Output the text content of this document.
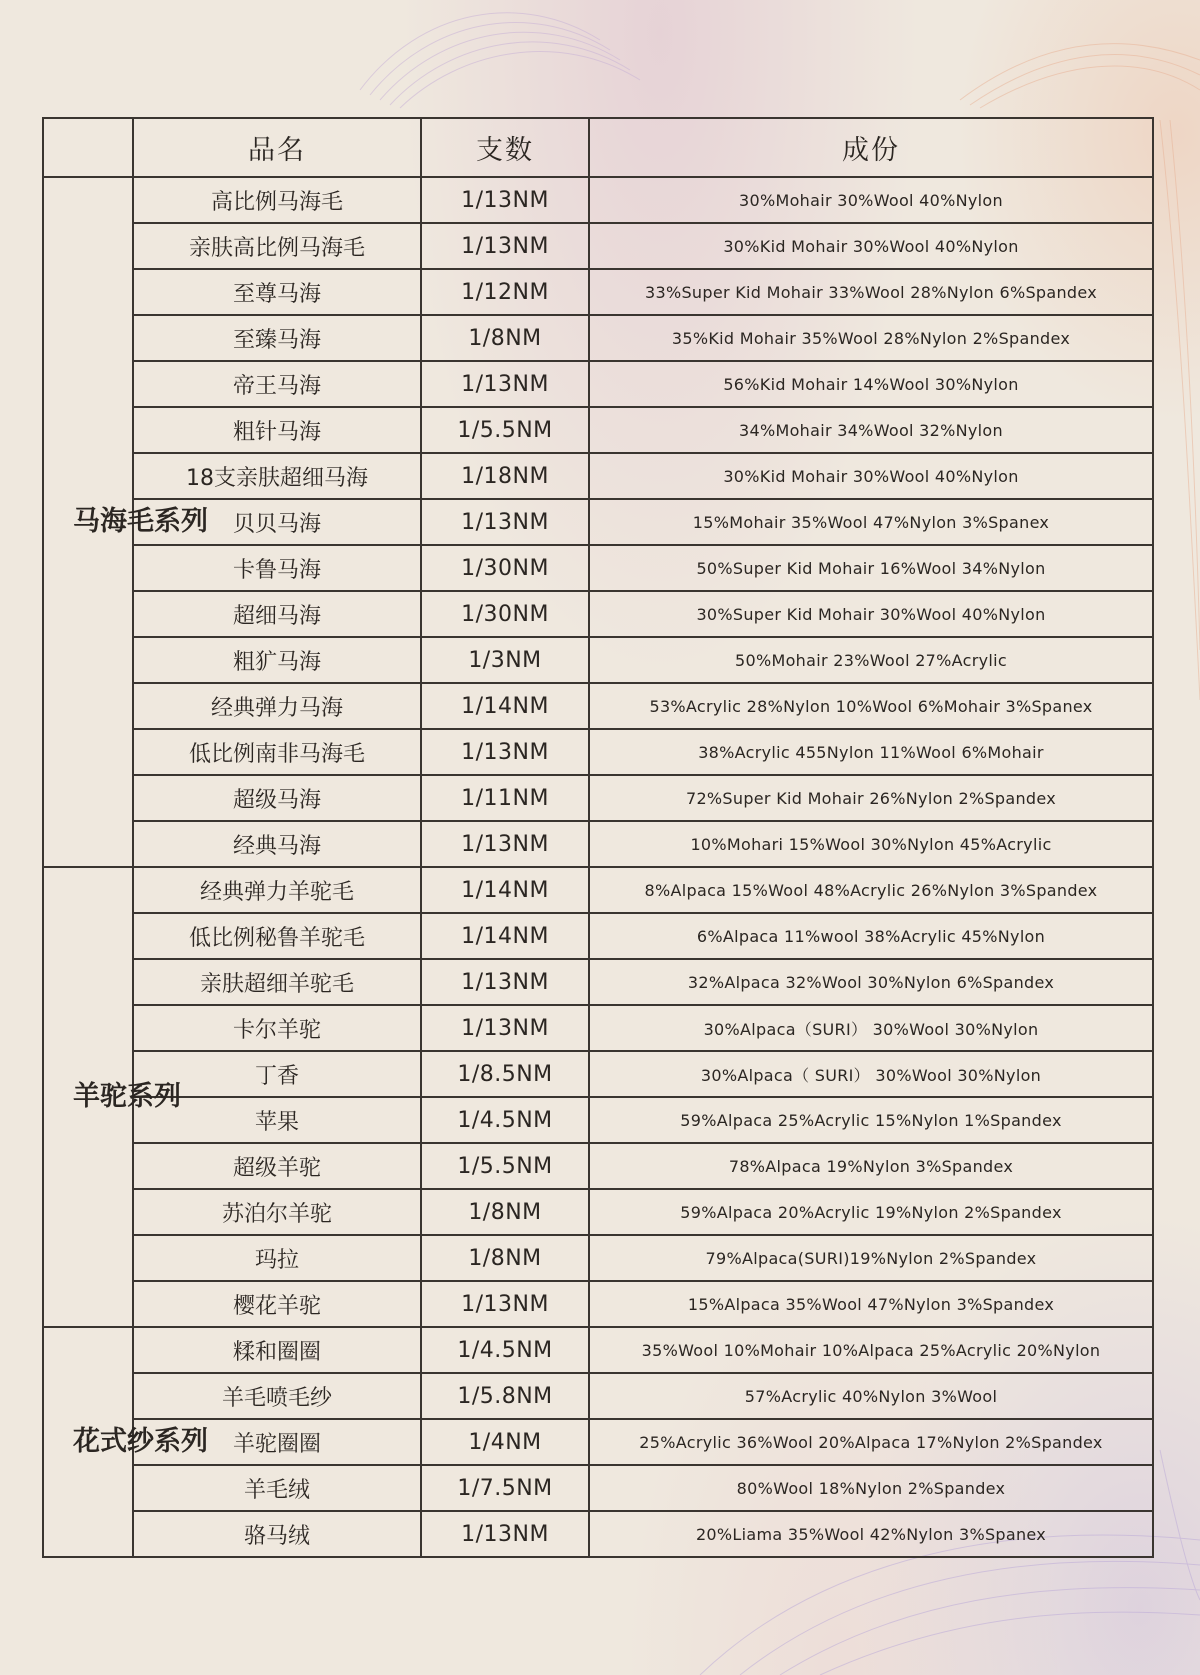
	品名	支数	成份
马海毛系列	高比例马海毛	1/13NM	30%Mohair 30%Wool 40%Nylon
	亲肤高比例马海毛	1/13NM	30%Kid Mohair 30%Wool 40%Nylon
	至尊马海	1/12NM	33%Super Kid Mohair 33%Wool 28%Nylon 6%Spandex
	至臻马海	1/8NM	35%Kid Mohair 35%Wool 28%Nylon 2%Spandex
	帝王马海	1/13NM	56%Kid Mohair 14%Wool 30%Nylon
	粗针马海	1/5.5NM	34%Mohair 34%Wool 32%Nylon
	18支亲肤超细马海	1/18NM	30%Kid Mohair 30%Wool 40%Nylon
	贝贝马海	1/13NM	15%Mohair 35%Wool 47%Nylon 3%Spanex
	卡鲁马海	1/30NM	50%Super Kid Mohair 16%Wool 34%Nylon
	超细马海	1/30NM	30%Super Kid Mohair 30%Wool 40%Nylon
	粗犷马海	1/3NM	50%Mohair 23%Wool 27%Acrylic
	经典弹力马海	1/14NM	53%Acrylic 28%Nylon 10%Wool 6%Mohair 3%Spanex
	低比例南非马海毛	1/13NM	38%Acrylic 455Nylon 11%Wool 6%Mohair
	超级马海	1/11NM	72%Super Kid Mohair 26%Nylon 2%Spandex
	经典马海	1/13NM	10%Mohari 15%Wool 30%Nylon 45%Acrylic
羊驼系列	经典弹力羊驼毛	1/14NM	8%Alpaca 15%Wool 48%Acrylic 26%Nylon 3%Spandex
	低比例秘鲁羊驼毛	1/14NM	6%Alpaca 11%wool 38%Acrylic 45%Nylon
	亲肤超细羊驼毛	1/13NM	32%Alpaca 32%Wool 30%Nylon 6%Spandex
	卡尔羊驼	1/13NM	30%Alpaca（SURI） 30%Wool 30%Nylon
	丁香	1/8.5NM	30%Alpaca（ SURI） 30%Wool 30%Nylon
	苹果	1/4.5NM	59%Alpaca 25%Acrylic 15%Nylon 1%Spandex
	超级羊驼	1/5.5NM	78%Alpaca 19%Nylon 3%Spandex
	苏泊尔羊驼	1/8NM	59%Alpaca 20%Acrylic 19%Nylon 2%Spandex
	玛拉	1/8NM	79%Alpaca(SURI)19%Nylon 2%Spandex
	樱花羊驼	1/13NM	15%Alpaca 35%Wool 47%Nylon 3%Spandex
花式纱系列	糅和圈圈	1/4.5NM	35%Wool 10%Mohair 10%Alpaca 25%Acrylic 20%Nylon
	羊毛喷毛纱	1/5.8NM	57%Acrylic 40%Nylon 3%Wool
	羊驼圈圈	1/4NM	25%Acrylic 36%Wool 20%Alpaca 17%Nylon 2%Spandex
	羊毛绒	1/7.5NM	80%Wool 18%Nylon 2%Spandex
	骆马绒	1/13NM	20%Liama 35%Wool 42%Nylon 3%Spanex
